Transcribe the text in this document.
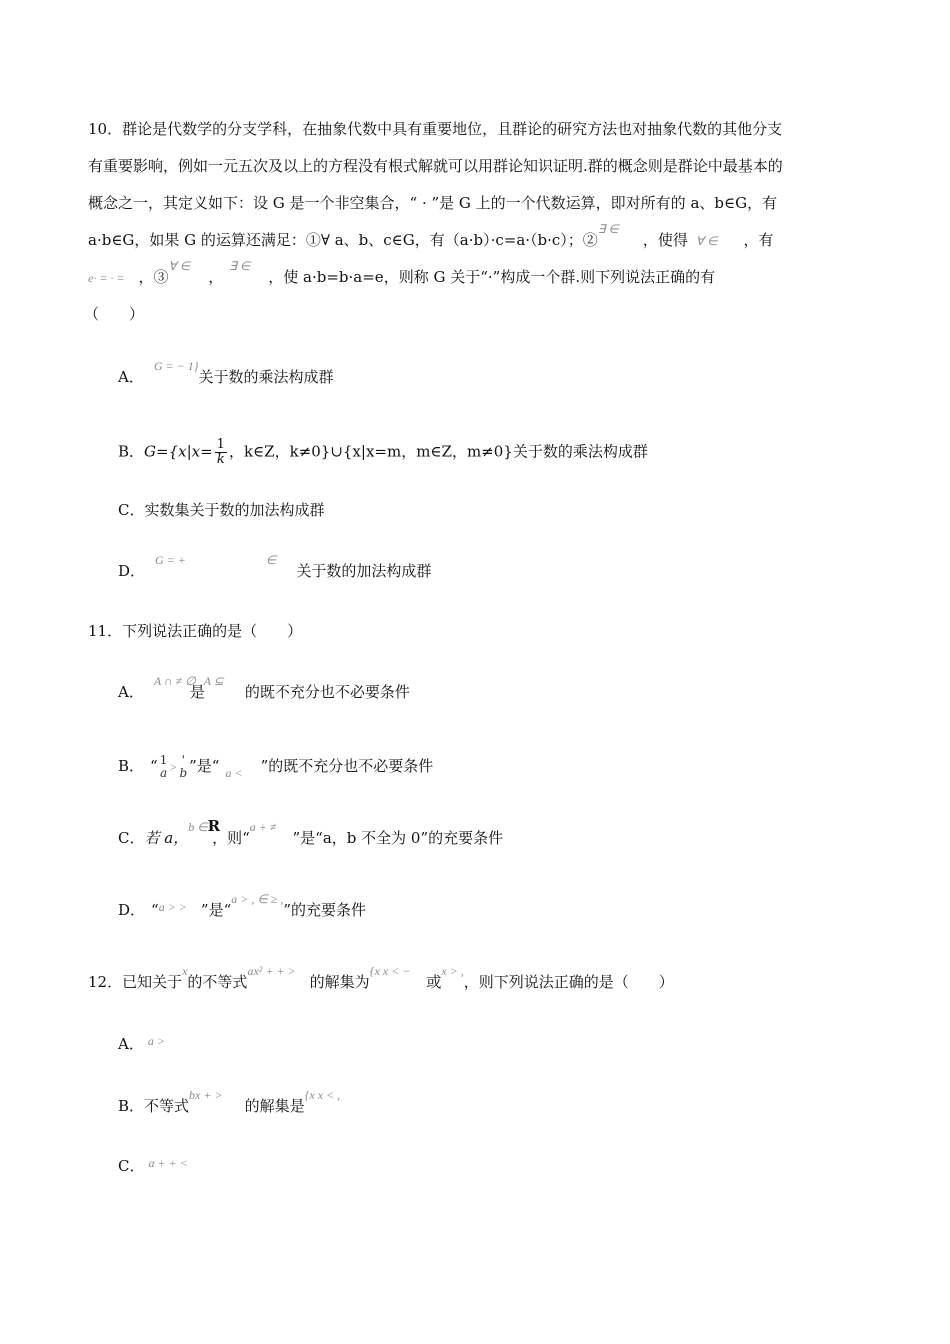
10．群论是代数学的分支学科，在抽象代数中具有重要地位，且群论的研究方法也对抽象代数的其他分支
有重要影响，例如一元五次及以上的方程没有根式解就可以用群论知识证明.群的概念则是群论中最基本的
概念之一，其定义如下：设 G 是一个非空集合，“ · ”是 G 上的一个代数运算，即对所有的 a、b∈G，有
a·b∈G，如果 G 的运算还满足：①∀ a、b、c∈G，有（a·b）·c=a·（b·c）；②∃ ∈，使得 ∀ ∈ ，有
e· = · = ，③∀ ∈，∃ ∈，使 a·b=b·a=e，则称 G 关于“·”构成一个群.则下列说法正确的有
（　　）
A．$^{G = - 1\}}$关于数的乘法构成群
B．$G=\{x|x= \frac{1}{k}$ ，k∈Z，k≠0}∪{x|x=m，m∈Z，m≠0}关于数的乘法构成群
C．实数集关于数的加法构成群
D．$^{G = +}$	∈关于数的加法构成群
11．下列说法正确的是（　　）
A．$^{A \cap \ne \emptyset}$ $^{A ⊆}$是	的既不充分也不必要条件
B． “ 1
a > '
b ”是“ $_{a <}$ ”的既不充分也不必要条件
C．若 a，$^{b \in}$R，则“$^{a + \ne}$”是“a，b 不全为 0”的充要条件
D． “$^{a > >}$ ”是“$^{a > , \in \ge ,}$”的充要条件
12．已知关于$^x$的不等式$^{ax^2 + + >}$的解集为$^{\{x x < -}$或$^{x > ,}$，则下列说法正确的是（　　）
A． $^{a >}$
B．不等式$^{bx + >}$的解集是$^{\{x x < ,}$
C． $^{a + + <}$
